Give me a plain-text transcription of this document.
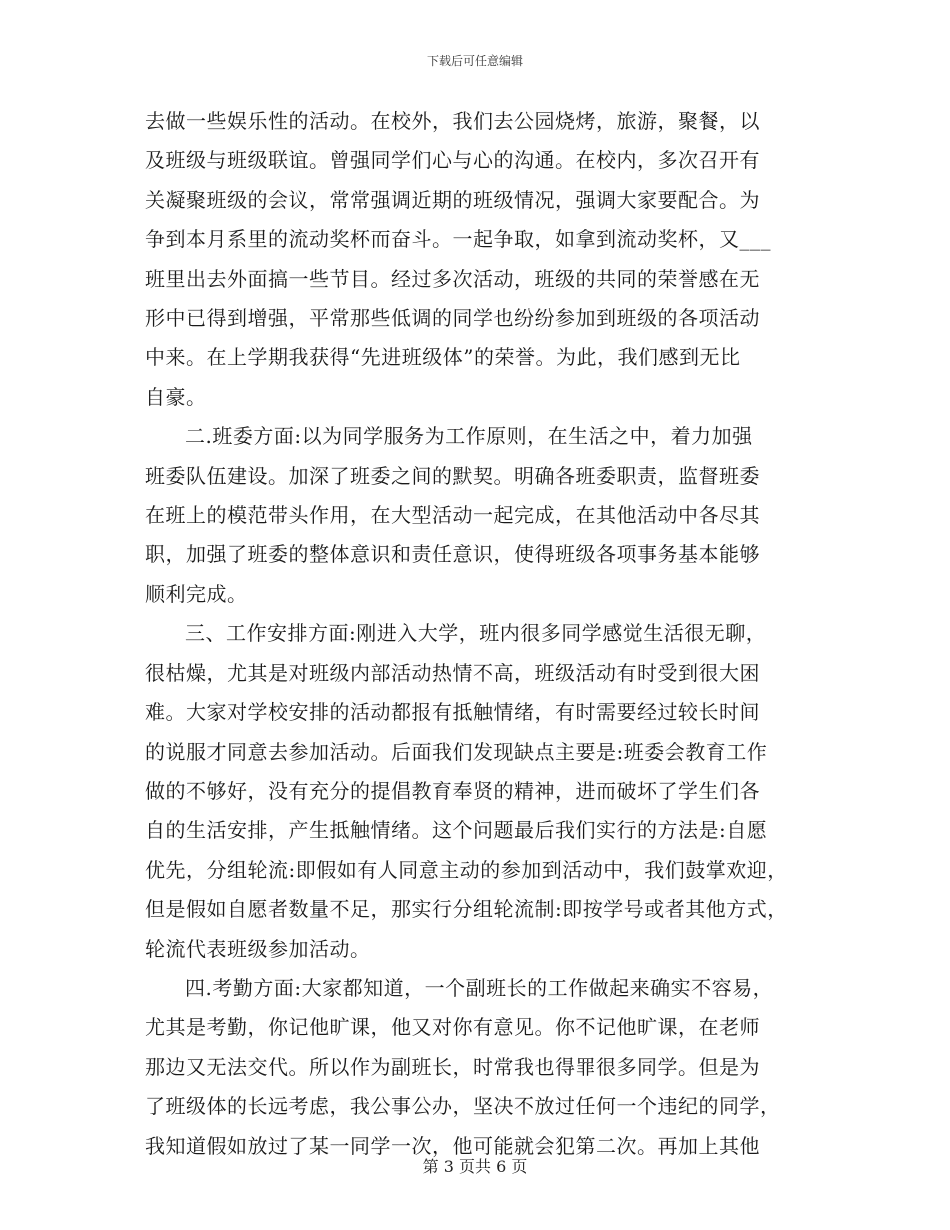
下载后可任意编辑

去做一些娱乐性的活动。在校外，我们去公园烧烤，旅游，聚餐，以
及班级与班级联谊。曾强同学们心与心的沟通。在校内，多次召开有
关凝聚班级的会议，常常强调近期的班级情况，强调大家要配合。为
争到本月系里的流动奖杯而奋斗。一起争取，如拿到流动奖杯，又___
班里出去外面搞一些节目。经过多次活动，班级的共同的荣誉感在无
形中已得到增强，平常那些低调的同学也纷纷参加到班级的各项活动
中来。在上学期我获得“先进班级体”的荣誉。为此，我们感到无比
自豪。

二.班委方面:以为同学服务为工作原则，在生活之中，着力加强
班委队伍建设。加深了班委之间的默契。明确各班委职责，监督班委
在班上的模范带头作用，在大型活动一起完成，在其他活动中各尽其
职，加强了班委的整体意识和责任意识，使得班级各项事务基本能够
顺利完成。

三、工作安排方面:刚进入大学，班内很多同学感觉生活很无聊，
很枯燥，尤其是对班级内部活动热情不高，班级活动有时受到很大困
难。大家对学校安排的活动都报有抵触情绪，有时需要经过较长时间
的说服才同意去参加活动。后面我们发现缺点主要是:班委会教育工作
做的不够好，没有充分的提倡教育奉贤的精神，进而破坏了学生们各
自的生活安排，产生抵触情绪。这个问题最后我们实行的方法是:自愿
优先，分组轮流:即假如有人同意主动的参加到活动中，我们鼓掌欢迎，
但是假如自愿者数量不足，那实行分组轮流制:即按学号或者其他方式，
轮流代表班级参加活动。

四.考勤方面:大家都知道，一个副班长的工作做起来确实不容易，
尤其是考勤，你记他旷课，他又对你有意见。你不记他旷课，在老师
那边又无法交代。所以作为副班长，时常我也得罪很多同学。但是为
了班级体的长远考虑，我公事公办，坚决不放过任何一个违纪的同学，
我知道假如放过了某一同学一次，他可能就会犯第二次。再加上其他

第 3 页共 6 页
